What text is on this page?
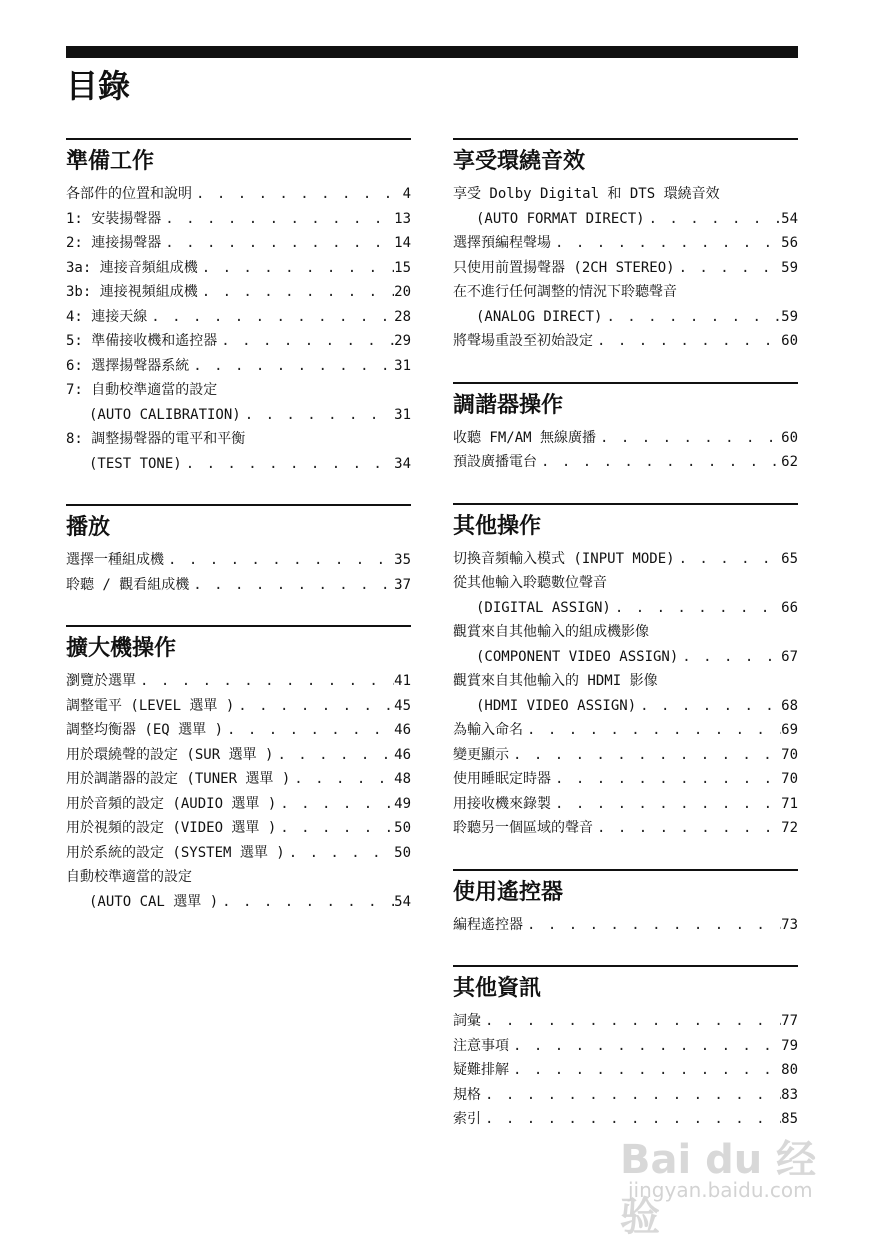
目錄
準備工作
各部件的位置和說明 . . .	4
1: 安裝揚聲器 . . .	13
2: 連接揚聲器 . . .	14
3a: 連接音頻組成機 . . .	15
3b: 連接視頻組成機 . . .	20
4: 連接天線 . . .	28
5: 準備接收機和遙控器 . . .	29
6: 選擇揚聲器系統 . . .	31
7: 自動校準適當的設定
(AUTO CALIBRATION) . . .	31
8: 調整揚聲器的電平和平衡
(TEST TONE) . . .	34
播放
選擇一種組成機 . . .	35
聆聽 / 觀看組成機 . . .	37
擴大機操作
瀏覽於選單 . . .	41
調整電平 (LEVEL 選單 ) . . .	45
調整均衡器 (EQ 選單 ) . . .	46
用於環繞聲的設定 (SUR 選單 ) . . .	46
用於調諧器的設定 (TUNER 選單 ) . . .	48
用於音頻的設定 (AUDIO 選單 ) . . .	49
用於視頻的設定 (VIDEO 選單 ) . . .	50
用於系統的設定 (SYSTEM 選單 ) . . .	50
自動校準適當的設定
(AUTO CAL 選單 ) . . .	54
享受環繞音效
享受 Dolby Digital 和 DTS 環繞音效
(AUTO FORMAT DIRECT) . . .	54
選擇預編程聲場 . . .	56
只使用前置揚聲器 (2CH STEREO) . . .	59
在不進行任何調整的情況下聆聽聲音
(ANALOG DIRECT) . . .	59
將聲場重設至初始設定 . . .	60
調諧器操作
收聽 FM/AM 無線廣播 . . .	60
預設廣播電台 . . .	62
其他操作
切換音頻輸入模式 (INPUT MODE) . . .	65
從其他輸入聆聽數位聲音
(DIGITAL ASSIGN) . . .	66
觀賞來自其他輸入的組成機影像
(COMPONENT VIDEO ASSIGN) . . .	67
觀賞來自其他輸入的 HDMI 影像
(HDMI VIDEO ASSIGN) . . .	68
為輸入命名 . . .	69
變更顯示 . . .	70
使用睡眠定時器 . . .	70
用接收機來錄製 . . .	71
聆聽另一個區域的聲音 . . .	72
使用遙控器
編程遙控器 . . .	73
其他資訊
詞彙 . . .	77
注意事項 . . .	79
疑難排解 . . .	80
規格 . . .	83
索引 . . .	85
Bai du 经验
jingyan.baidu.com
